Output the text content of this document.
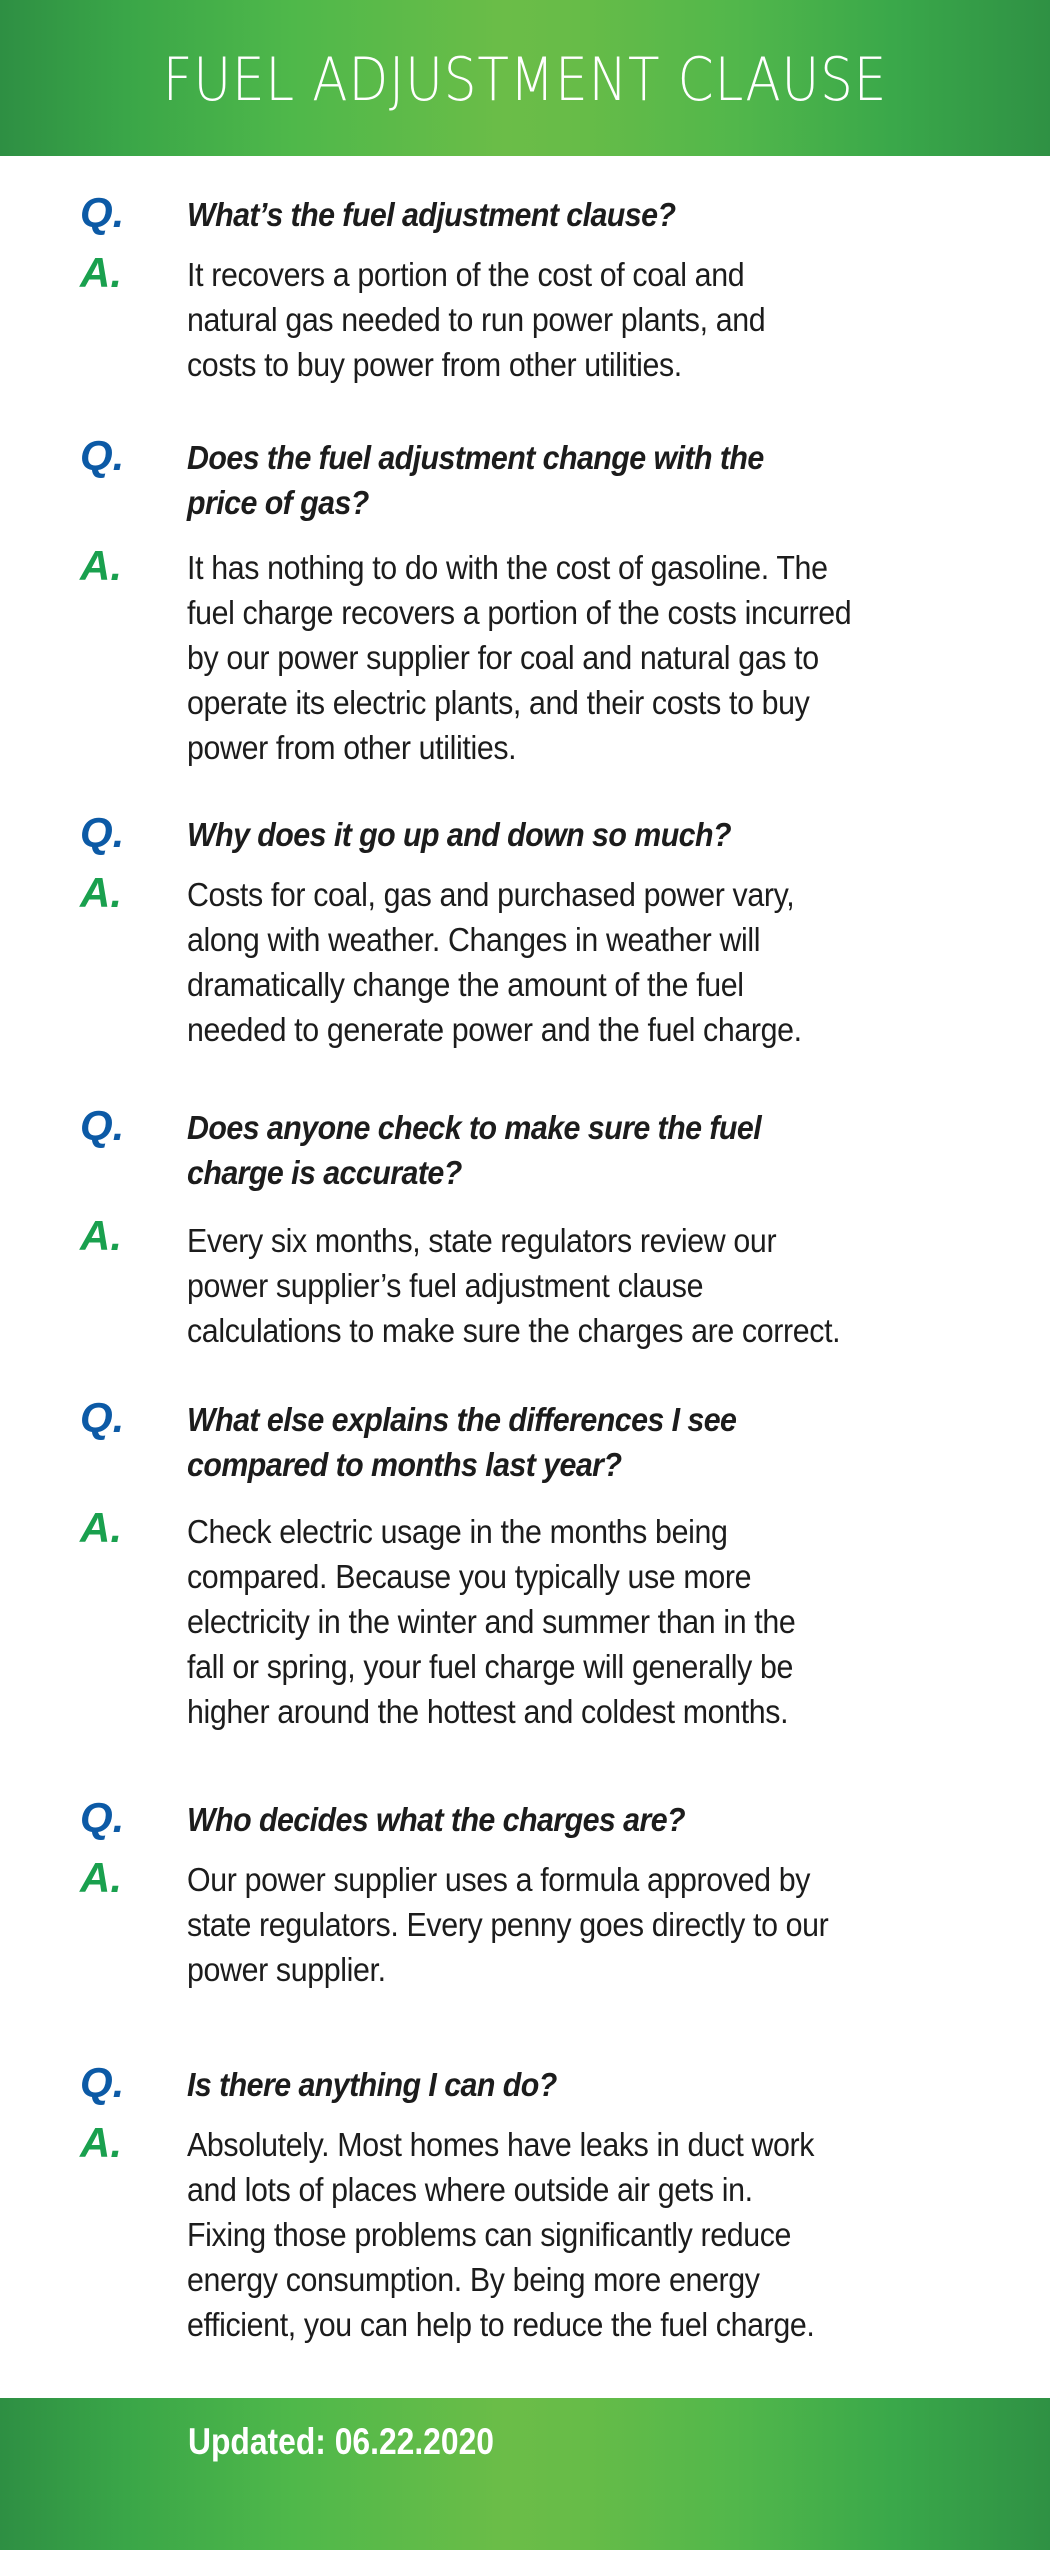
FUEL ADJUSTMENT CLAUSE
Q. What’s the fuel adjustment clause?
A. It recovers a portion of the cost of coal and
natural gas needed to run power plants, and
costs to buy power from other utilities.
Q. Does the fuel adjustment change with the
price of gas?
A. It has nothing to do with the cost of gasoline. The
fuel charge recovers a portion of the costs incurred
by our power supplier for coal and natural gas to
operate its electric plants, and their costs to buy
power from other utilities.
Q. Why does it go up and down so much?
A. Costs for coal, gas and purchased power vary,
along with weather. Changes in weather will
dramatically change the amount of the fuel
needed to generate power and the fuel charge.
Q. Does anyone check to make sure the fuel
charge is accurate?
A. Every six months, state regulators review our
power supplier’s fuel adjustment clause
calculations to make sure the charges are correct.
Q. What else explains the differences I see
compared to months last year?
A. Check electric usage in the months being
compared. Because you typically use more
electricity in the winter and summer than in the
fall or spring, your fuel charge will generally be
higher around the hottest and coldest months.
Q. Who decides what the charges are?
A. Our power supplier uses a formula approved by
state regulators. Every penny goes directly to our
power supplier.
Q. Is there anything I can do?
A. Absolutely. Most homes have leaks in duct work
and lots of places where outside air gets in.
Fixing those problems can significantly reduce
energy consumption. By being more energy
efficient, you can help to reduce the fuel charge.
Updated: 06.22.2020
